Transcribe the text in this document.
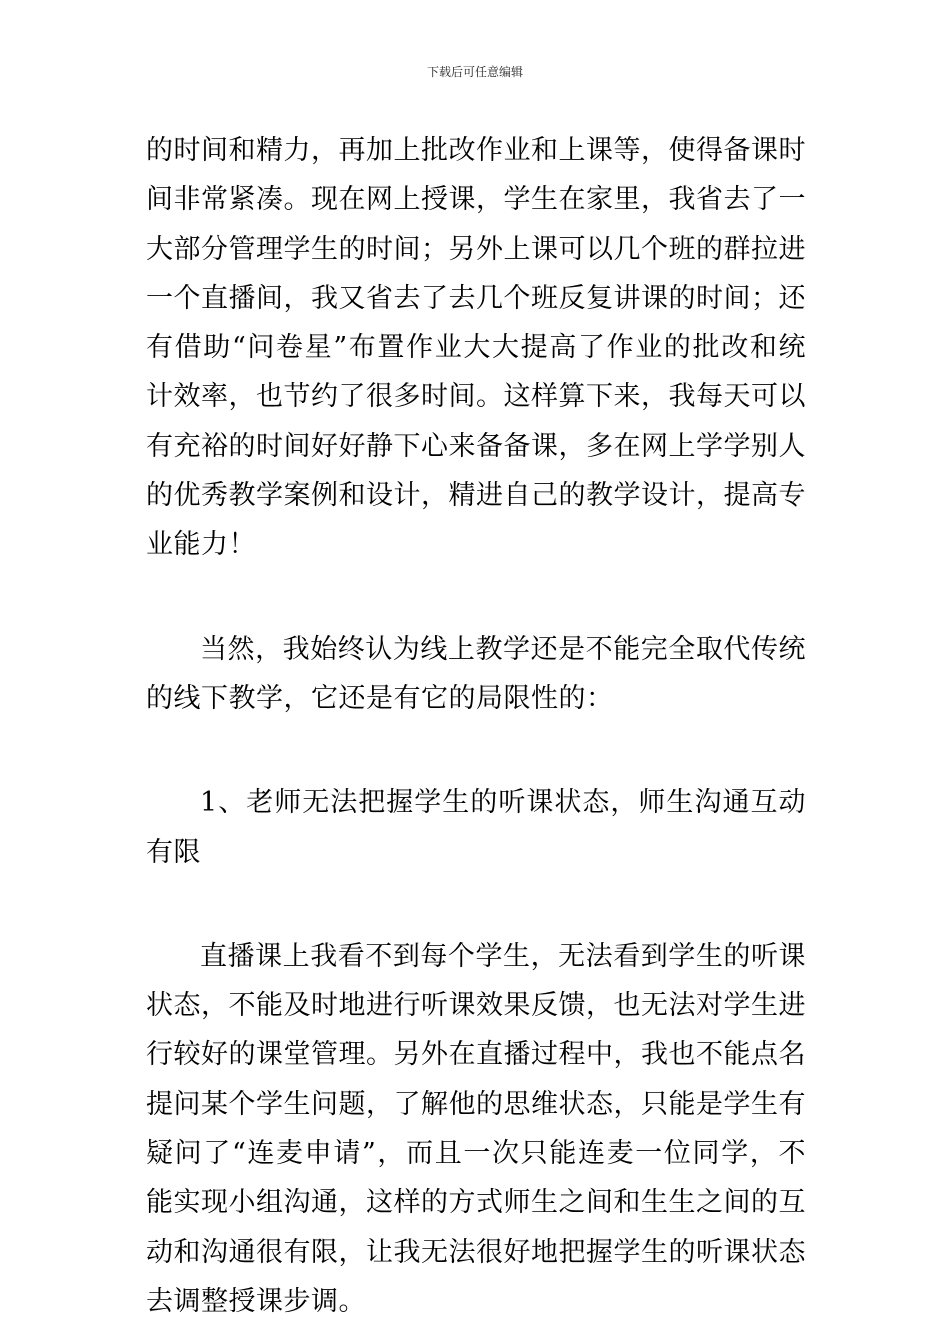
下载后可任意编辑

的时间和精力，再加上批改作业和上课等，使得备课时间非常紧凑。现在网上授课，学生在家里，我省去了一大部分管理学生的时间；另外上课可以几个班的群拉进一个直播间，我又省去了去几个班反复讲课的时间；还有借助“问卷星”布置作业大大提高了作业的批改和统计效率，也节约了很多时间。这样算下来，我每天可以有充裕的时间好好静下心来备备课，多在网上学学别人的优秀教学案例和设计，精进自己的教学设计，提高专业能力！

当然，我始终认为线上教学还是不能完全取代传统的线下教学，它还是有它的局限性的：

1、老师无法把握学生的听课状态，师生沟通互动有限

直播课上我看不到每个学生，无法看到学生的听课状态，不能及时地进行听课效果反馈，也无法对学生进行较好的课堂管理。另外在直播过程中，我也不能点名提问某个学生问题，了解他的思维状态，只能是学生有疑问了“连麦申请”，而且一次只能连麦一位同学，不能实现小组沟通，这样的方式师生之间和生生之间的互动和沟通很有限，让我无法很好地把握学生的听课状态去调整授课步调。
